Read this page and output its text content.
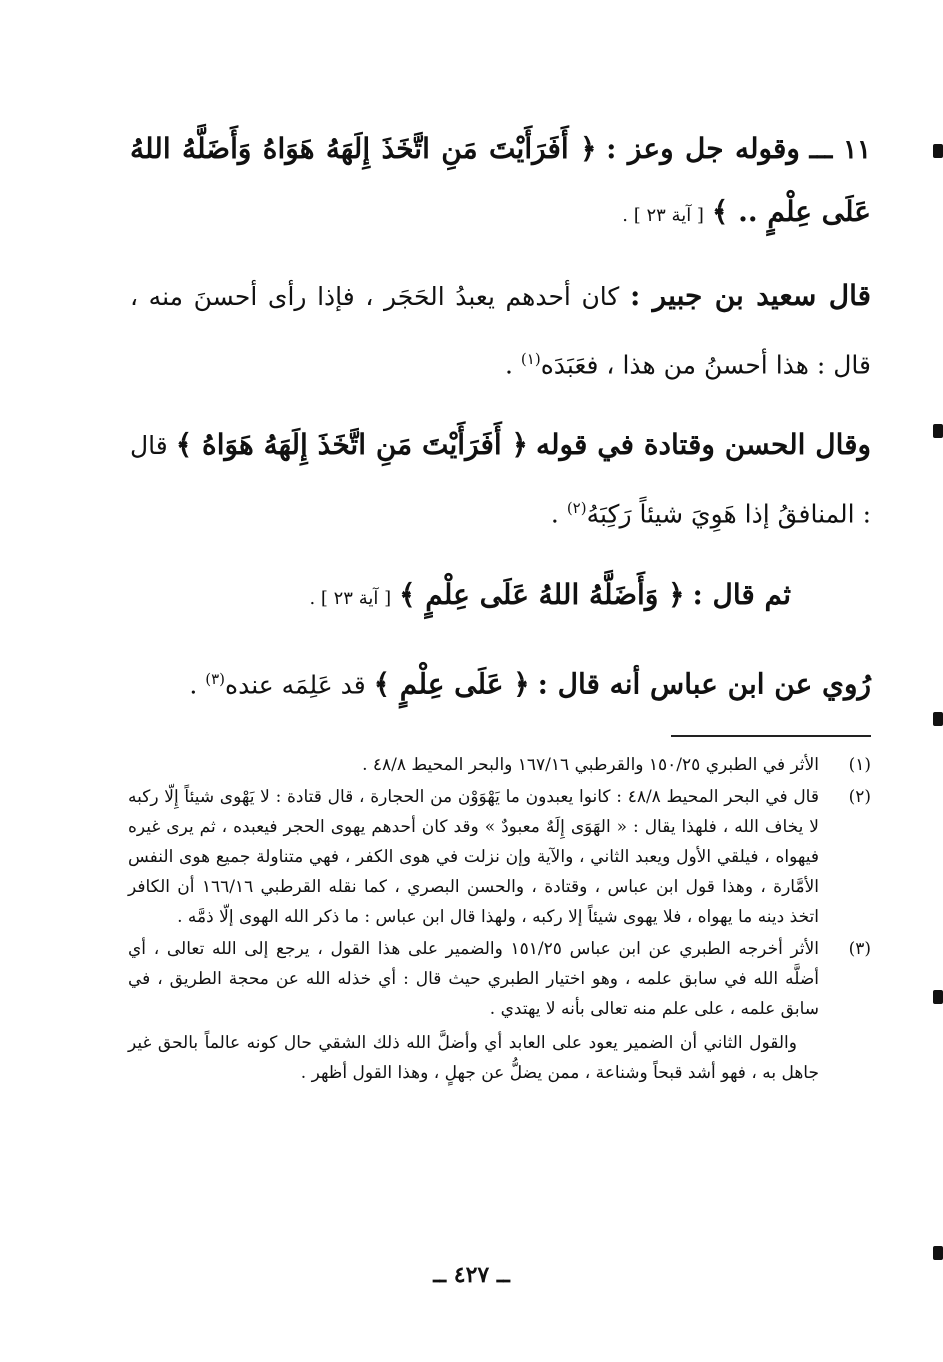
١١ ـــ وقوله جل وعز : ﴿ أَفَرَأَيْتَ مَنِ اتَّخَذَ إِلَهَهُ هَوَاهُ وَأَضَلَّهُ اللهُ عَلَى عِلْمٍ .. ﴾ [ آية ٢٣ ] .

قال سعيد بن جبير : كان أحدهم يعبدُ الحَجَر ، فإذا رأى أحسنَ منه ، قال : هذا أحسنُ من هذا ، فعَبَدَه$^{(١)}$ .

وقال الحسن وقتادة في قوله ﴿ أَفَرَأَيْتَ مَنِ اتَّخَذَ إِلَهَهُ هَوَاهُ ﴾ قال : المنافقُ إذا هَوِيَ شيئاً رَكِبَهُ$^{(٢)}$ .

ثم قال : ﴿ وَأَضَلَّهُ اللهُ عَلَى عِلْمٍ ﴾ [ آية ٢٣ ] .

رُوي عن ابن عباس أنه قال : ﴿ عَلَى عِلْمٍ ﴾ قد عَلِمَه عنده$^{(٣)}$ .

(١)

الأثر في الطبري ١٥٠/٢٥ والقرطبي ١٦٧/١٦ والبحر المحيط ٤٨/٨ .

(٢)

قال في البحر المحيط ٤٨/٨ : كانوا يعبدون ما يَهْوَوْن من الحجارة ، قال قتادة : لا يَهْوى شيئاً إِلّا ركبه لا يخاف الله ، فلهذا يقال : « الهَوَى إِلَهٌ معبودٌ » وقد كان أحدهم يهوى الحجر فيعبده ، ثم يرى غيره فيهواه ، فيلقي الأول ويعبد الثاني ، والآية وإن نزلت في هوى الكفر ، فهي متناولة جميع هوى النفس الأمَّارة ، وهذا قول ابن عباس ، وقتادة ، والحسن البصري ، كما نقله القرطبي ١٦٦/١٦ أن الكافر اتخذ دينه ما يهواه ، فلا يهوى شيئاً إلا ركبه ، ولهذا قال ابن عباس : ما ذكر الله الهوى إلّا ذمَّه .

(٣)

الأثر أخرجه الطبري عن ابن عباس ١٥١/٢٥ والضمير على هذا القول ، يرجع إلى الله تعالى ، أي أضلَّه الله في سابق علمه ، وهو اختيار الطبري حيث قال : أي خذله الله عن محجة الطريق ، في سابق علمه ، على علم منه تعالى بأنه لا يهتدي .

والقول الثاني أن الضمير يعود على العابد أي وأضلَّ الله ذلك الشقي حال كونه عالماً بالحق غير جاهل به ، فهو أشد قبحاً وشناعة ، ممن يضلُّ عن جهلٍ ، وهذا القول أظهر .

ــ ٤٢٧ ــ
